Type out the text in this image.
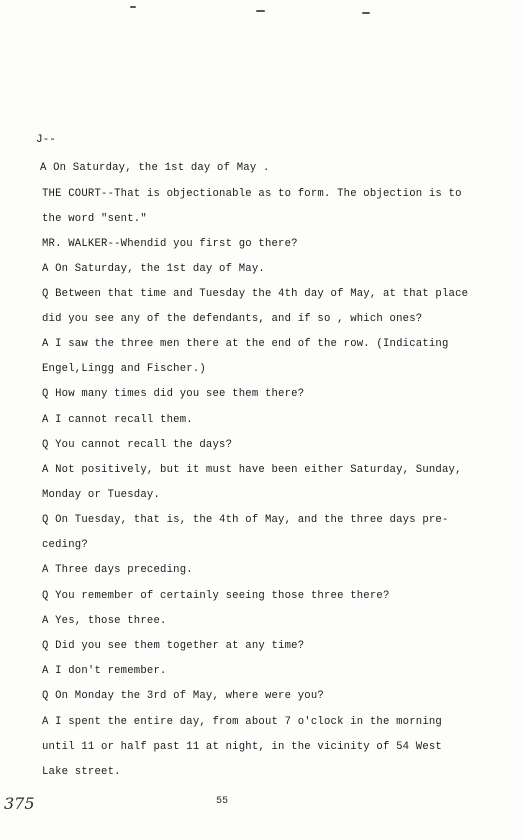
J--
A On Saturday, the 1st day of May .
THE COURT--That is objectionable as to form. The objection is to
the word "sent."
MR. WALKER--Whendid you first go there?
A On Saturday, the 1st day of May.
Q Between that time and Tuesday the 4th day of May, at that place
did you see any of the defendants, and if so , which ones?
A I saw the three men there at the end of the row. (Indicating
Engel,Lingg and Fischer.)
Q How many times did you see them there?
A I cannot recall them.
Q You cannot recall the days?
A Not positively, but it must have been either Saturday, Sunday,
Monday or Tuesday.
Q On Tuesday, that is, the 4th of May, and the three days pre-
ceding?
A Three days preceding.
Q You remember of certainly seeing those three there?
A Yes, those three.
Q Did you see them together at any time?
A I don't remember.
Q On Monday the 3rd of May, where were you?
A I spent the entire day, from about 7 o'clock in the morning
until 11 or half past 11 at night, in the vicinity of 54 West
Lake street.
375	55
